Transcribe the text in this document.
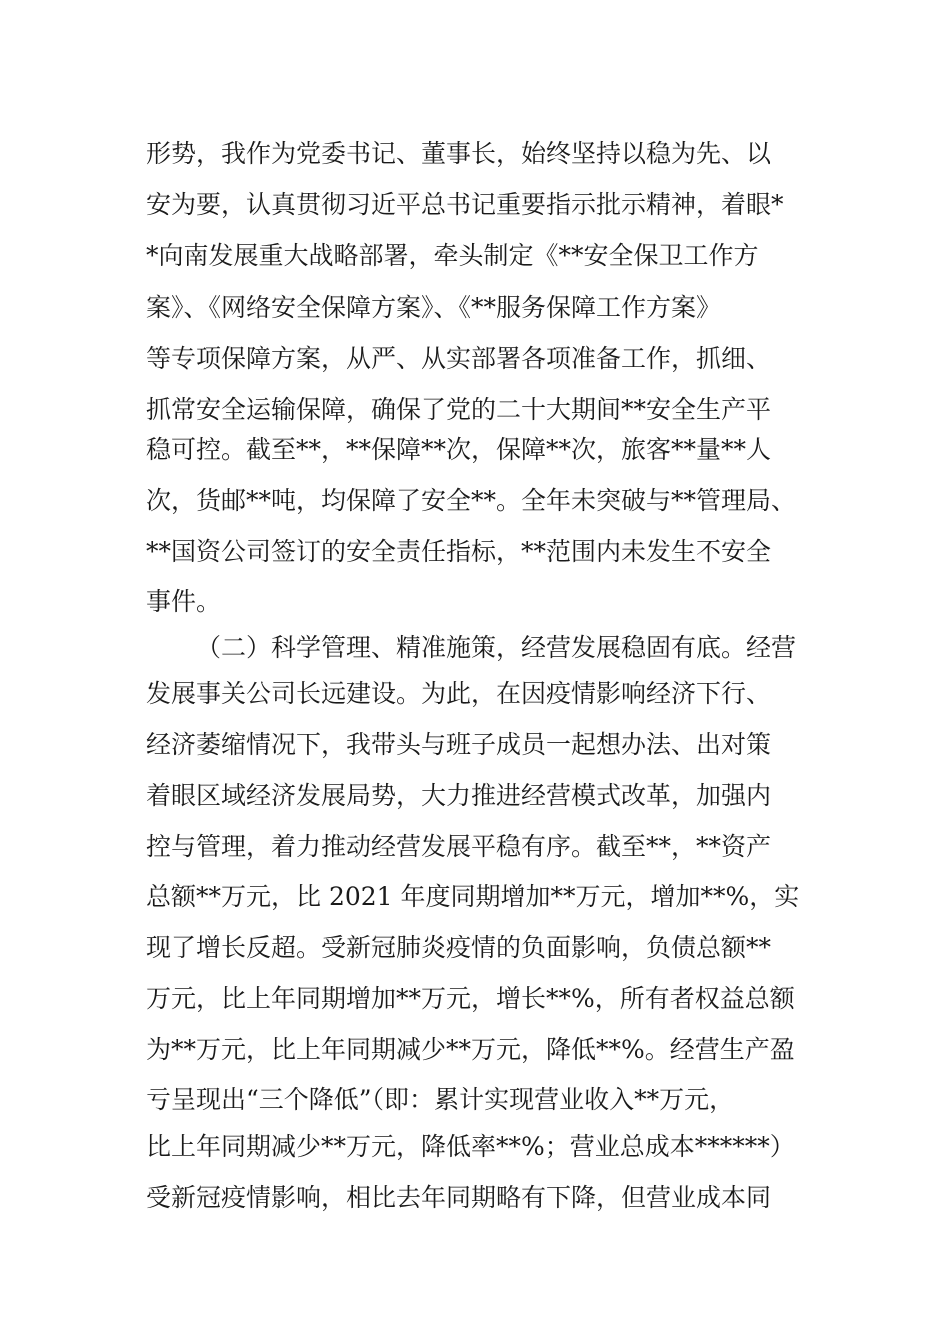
形势，我作为党委书记、董事长，始终坚持以稳为先、以
安为要，认真贯彻习近平总书记重要指示批示精神，着眼*
*向南发展重大战略部署，牵头制定《**安全保卫工作方
案》、《网络安全保障方案》、《**服务保障工作方案》
等专项保障方案，从严、从实部署各项准备工作，抓细、
抓常安全运输保障，确保了党的二十大期间**安全生产平
稳可控。截至**，**保障**次，保障**次，旅客**量**人
次，货邮**吨，均保障了安全**。全年未突破与**管理局、
**国资公司签订的安全责任指标，**范围内未发生不安全
事件。
（二）科学管理、精准施策，经营发展稳固有底。经营
发展事关公司长远建设。为此，在因疫情影响经济下行、
经济萎缩情况下，我带头与班子成员一起想办法、出对策
着眼区域经济发展局势，大力推进经营模式改革，加强内
控与管理，着力推动经营发展平稳有序。截至**，**资产
总额**万元，比 2021 年度同期增加**万元，增加**%，实
现了增长反超。受新冠肺炎疫情的负面影响，负债总额**
万元，比上年同期增加**万元，增长**%，所有者权益总额
为**万元，比上年同期减少**万元，降低**%。经营生产盈
亏呈现出“三个降低”（即：累计实现营业收入**万元，
比上年同期减少**万元，降低率**%；营业总成本******）
受新冠疫情影响，相比去年同期略有下降，但营业成本同
